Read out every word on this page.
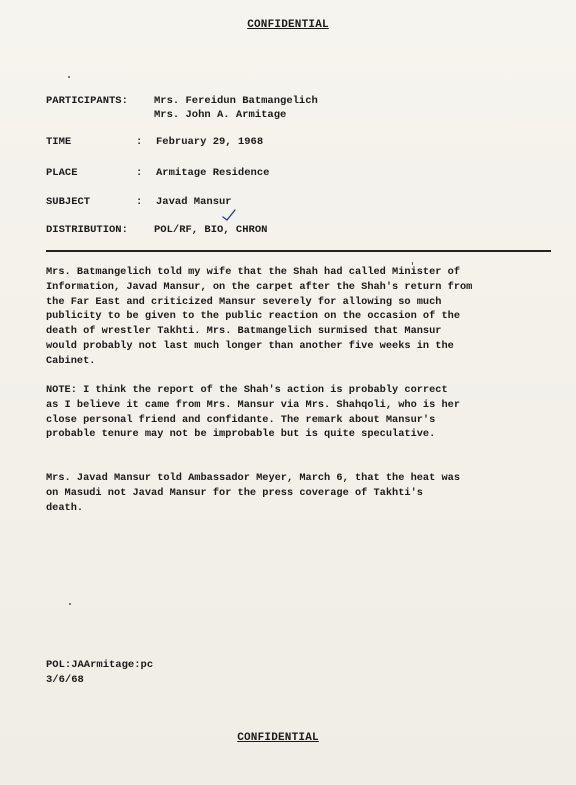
CONFIDENTIAL
PARTICIPANTS: Mrs. Fereidun Batmangelich
Mrs. John A. Armitage
TIME	: February 29, 1968
PLACE	: Armitage Residence
SUBJECT	: Javad Mansur
DISTRIBUTION: POL/RF, BIO, CHRON
Mrs. Batmangelich told my wife that the Shah had called Minister of
Information, Javad Mansur, on the carpet after the Shah's return from
the Far East and criticized Mansur severely for allowing so much
publicity to be given to the public reaction on the occasion of the
death of wrestler Takhti. Mrs. Batmangelich surmised that Mansur
would probably not last much longer than another five weeks in the
Cabinet.
NOTE: I think the report of the Shah's action is probably correct
as I believe it came from Mrs. Mansur via Mrs. Shahqoli, who is her
close personal friend and confidante. The remark about Mansur's
probable tenure may not be improbable but is quite speculative.
Mrs. Javad Mansur told Ambassador Meyer, March 6, that the heat was
on Masudi not Javad Mansur for the press coverage of Takhti's
death.
POL:JAArmitage:pc
3/6/68
CONFIDENTIAL
